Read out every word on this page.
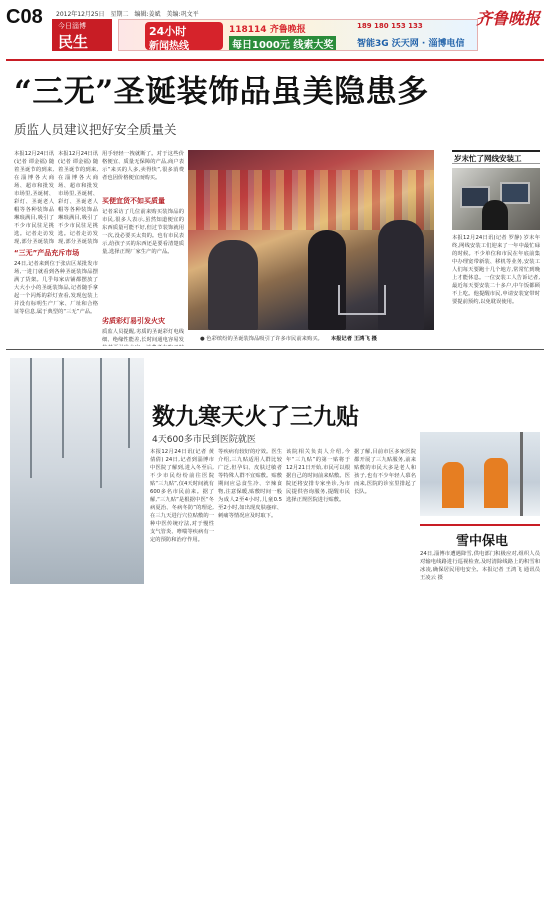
C08 2012年12月25日　星期二　编辑:姜斌　美编:巩文平
今日淄博
民生
24小时
新闻热线
118114 齐鲁晚报
每日1000元 线索大奖
189 180 153 133
智能3G 沃天网 · 淄博电信
齐鲁晚报
“三无”圣诞装饰品虽美隐患多
质监人员建议把好安全质量关
本报12月24日讯(记者 谭金福) 随着圣诞节的到来,在淄博各大商场、超市和批发市场里,圣诞树、彩灯、圣诞老人帽等各种装饰品琳琅满目,吸引了不少市民驻足挑选。记者走访发现,部分圣诞装饰
本报12月24日讯(记者 谭金福) 随着圣诞节的到来,在淄博各大商场、超市和批发市场里,圣诞树、彩灯、圣诞老人帽等各种装饰品琳琅满目,吸引了不少市民驻足挑选。记者走访发现,部分圣诞装饰
“三无”产品充斥市场
24日,记者来到位于张店区某批发市场,一进门就看到各种圣诞装饰品摆满了货架。几乎每家店铺都摆放了大大小小的圣诞装饰品,记者随手拿起一个闪烁的彩灯查看,发现包装上并没有标明生产厂家、厂址和合格证等信息,属于典型的“三无”产品。
用手轻轻一拽就断了。对于这些价格便宜、质量无保障的产品,商户表示“来买的人多,卖得快”,很多消费者也因价格便宜而购买。
买便宜货不如买质量
记者采访了几位前来购买装饰品的市民,很多人表示,虽然知道便宜的东西质量可能不好,但过节装饰就用一次,没必要买太贵的。也有市民表示,给孩子买的东西还是要看清楚质量,选择正规厂家生产的产品。
劣质彩灯易引发火灾
质监人员提醒,劣质的圣诞彩灯电线细、绝缘性能差,长时间通电容易发	● 色彩缤纷的圣诞装饰品吸引了许多市民前来购买。　　 本报记者 王鸿飞 摄
岁末忙了网线安装工
本报12月24日讯(记者 罗静) 岁末年终,网线安装工们迎来了一年中最忙碌的时候。不少单位和市民在年底前集中办理宽带新装、移机等业务,安装工人们每天要跑十几个地方,常常忙到晚上才能休息。一位安装工人告诉记者,最近每天要安装二十多户,中午饭都顾不上吃。他提醒市民,申请安装宽带时要提前预约,以免耽误使用。
数九寒天火了三九贴
4天600多市民到医院就医
本报12月24日讯(记者 黄倩倩) 24日,记者到淄博市中医院了解到,进入冬至后,不少市民纷纷前往医院贴“三九贴”,仅4天时间就有600多名市民前来。据了解,“三九贴”是根据中医“冬病夏治、冬病冬防”的理论,在三九天进行穴位贴敷的一种中医传统疗法,对于慢性支气管炎、哮喘等疾病有一定的预防和治疗作用。
等疾病有较好的疗效。医生介绍,三九贴适用人群比较广泛,但孕妇、皮肤过敏者等特殊人群不宜贴敷。贴敷期间应忌食生冷、辛辣食物,注意保暖,贴敷时间一般为成人2至4小时,儿童0.5至2小时,如出现皮肤瘙痒、刺痛等情况应及时取下。
该院相关负责人介绍,今年“三九贴”的第一贴将于12月21日开始,市民可以根据自己的时间前来贴敷。医院还将安排专家坐诊,为市民提供咨询服务,提醒市民选择正规医院进行贴敷。
据了解,目前市区多家医院都开展了三九贴服务,前来贴敷的市民大多是老人和孩子,也有不少年轻人慕名而来,医院的诊室里排起了长队。
雪中保电
24日,淄博市遭遇降雪,供电部门积极应对,组织人员对输电线路进行巡视检查,及时清除线路上的积雪和冰凌,确保居民用电安全。本报记者 王鸿飞 通讯员 王凌云 摄
